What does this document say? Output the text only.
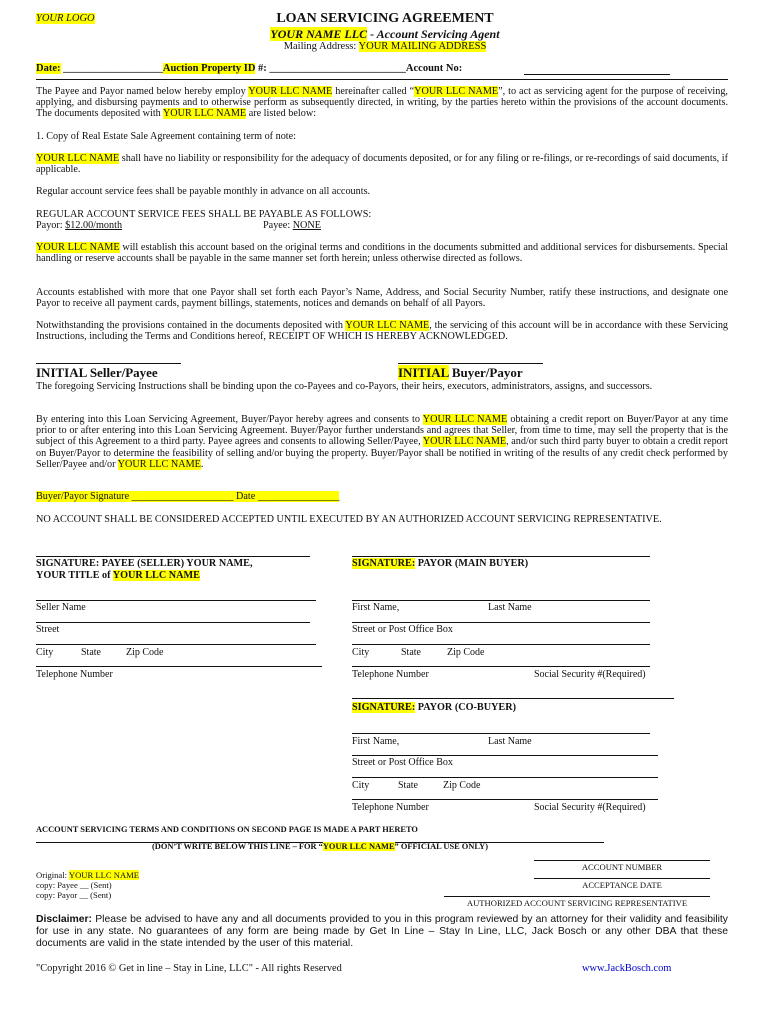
YOUR LOGO	LOAN SERVICING AGREEMENT
YOUR NAME LLC - Account Servicing Agent
Mailing Address: YOUR MAILING ADDRESS
Date: ___________________Auction Property ID #: __________________________Account No:
The Payee and Payor named below hereby employ YOUR LLC NAME hereinafter called “YOUR LLC NAME”, to act as servicing agent for the purpose of receiving, applying, and disbursing payments and to otherwise perform as subsequently directed, in writing, by the parties hereto within the provisions of the account documents. The documents deposited with YOUR LLC NAME are listed below:
1. Copy of Real Estate Sale Agreement containing term of note:
YOUR LLC NAME shall have no liability or responsibility for the adequacy of documents deposited, or for any filing or re-filings, or re-recordings of said documents, if applicable.
Regular account service fees shall be payable monthly in advance on all accounts.
REGULAR ACCOUNT SERVICE FEES SHALL BE PAYABLE AS FOLLOWS:
Payor: $12.00/month	Payee: NONE
YOUR LLC NAME will establish this account based on the original terms and conditions in the documents submitted and additional services for disbursements. Special handling or reserve accounts shall be payable in the same manner set forth herein; unless otherwise directed as follows.
Accounts established with more that one Payor shall set forth each Payor’s Name, Address, and Social Security Number, ratify these instructions, and designate one Payor to receive all payment cards, payment billings, statements, notices and demands on behalf of all Payors.
Notwithstanding the provisions contained in the documents deposited with YOUR LLC NAME, the servicing of this account will be in accordance with these Servicing Instructions, including the Terms and Conditions hereof, RECEIPT OF WHICH IS HEREBY ACKNOWLEDGED.
INITIAL Seller/Payee	INITIAL Buyer/Payor
The foregoing Servicing Instructions shall be binding upon the co-Payees and co-Payors, their heirs, executors, administrators, assigns, and successors.
By entering into this Loan Servicing Agreement, Buyer/Payor hereby agrees and consents to YOUR LLC NAME obtaining a credit report on Buyer/Payor at any time prior to or after entering into this Loan Servicing Agreement. Buyer/Payor further understands and agrees that Seller, from time to time, may sell the property that is the subject of this Agreement to a third party. Payee agrees and consents to allowing Seller/Payee, YOUR LLC NAME, and/or such third party buyer to obtain a credit report on Buyer/Payor to determine the feasibility of selling and/or buying the property. Buyer/Payor shall be notified in writing of the results of any credit check performed by Seller/Payee and/or YOUR LLC NAME.
Buyer/Payor Signature ____________________ Date ________________
NO ACCOUNT SHALL BE CONSIDERED ACCEPTED UNTIL EXECUTED BY AN AUTHORIZED ACCOUNT SERVICING REPRESENTATIVE.
SIGNATURE: PAYEE (SELLER) YOUR NAME,
YOUR TITLE of YOUR LLC NAME
SIGNATURE: PAYOR (MAIN BUYER)
Seller Name
Street
City	State	Zip Code
Telephone Number
First Name,	Last Name
Street or Post Office Box
City	State	Zip Code
Telephone Number	Social Security #(Required)
SIGNATURE: PAYOR (CO-BUYER)
First Name,	Last Name
Street or Post Office Box
City	State	Zip Code
Telephone Number	Social Security #(Required)
ACCOUNT SERVICING TERMS AND CONDITIONS ON SECOND PAGE IS MADE A PART HERETO
(DON’T WRITE BELOW THIS LINE – FOR “YOUR LLC NAME” OFFICIAL USE ONLY)
Original: YOUR LLC NAME
copy: Payee __ (Sent)
copy: Payor __ (Sent)
ACCOUNT NUMBER
ACCEPTANCE DATE
AUTHORIZED ACCOUNT SERVICING REPRESENTATIVE
Disclaimer: Please be advised to have any and all documents provided to you in this program reviewed by an attorney for their validity and feasibility for use in any state. No guarantees of any form are being made by Get In Line – Stay In Line, LLC, Jack Bosch or any other DBA that these documents are valid in the state intended by the user of this material.
"Copyright 2016 © Get in line – Stay in Line, LLC" - All rights Reserved	www.JackBosch.com
